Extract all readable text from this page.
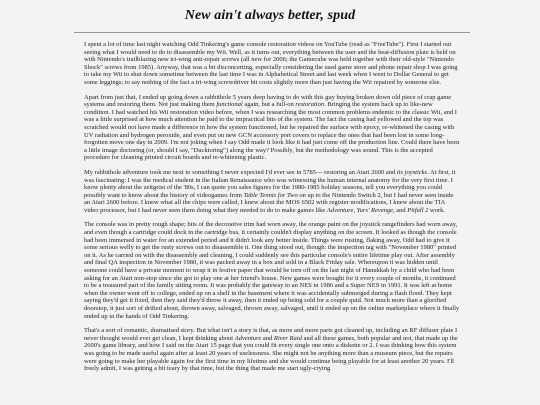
New ain't always better, spud

I spent a lot of time last night watching Odd Tinkering's game console restoration videos on YouTube (read as "FreeTube"). First I started out seeing what I would need to do to disassemble my Wii. Well, as it turns out, everything between the user and the heat-diffusion plate is held on with Nintendo's trailblazing new tri-wing anti-repair screws (all new for 2006; the Gamecube was held together with their old-style "Nintendo Shock" screws from 1985). Anyway, that was a bit disconcerting, especially considering the used game store and phone repair shop I was going to take my Wii to shut down sometime between the last time I was in Alphabetical Street and last week when I went to Dollar General to get some leggings; to say nothing of the fact a tri-wing screwdriver bit costs slightly more than just having the Wii repaired by someone else.

Apart from just that, I ended up going down a rabbithole 5 years deep having to do with this guy buying broken down old piece of crap game systems and restoring them. Not just making them functional again, but a full-on restoration. Bringing the system back up to like-new condition. I had watched his Wii restoration video before, when I was researching the most common problems endemic to the classic Wii, and I was a little surprised at how much attention he paid to the impractical bits of the system. The fact the casing had yellowed and the top was scratched would not have made a difference in how the system functioned, but he repaired the surface with epoxy, re-whitened the casing with UV radiation and hydrogen peroxide, and even put on new GCN accessory port covers to replace the ones that had been lost in some long-forgotten move one day in 2009. I'm not joking when I say Odd made it look like it had just come off the production line. Could there have been a little image doctoring (or, should I say, "Ducktoring") along the way? Possibly, but the methodology was sound. This is the accepted procedure for cleaning printed circuit boards and re-whitening plastic.

My rabbithole adventure took me next to something I never expected I'd ever see in 5785— restoring an Atari 2600 and its joysticks. At first, it was fascinating: I was the medical student in the Italian Renaissance who was witnessing the human internal anatomy for the very first time. I know plenty about the zeitgeist of the '80s, I can quote you sales figures for the 1980-1985 holiday seasons, tell you everything you could possibly want to know about the history of videogames from Table Tennis for Two on up to the Nintendo Switch 2, but I had never seen inside an Atari 2600 before. I knew what all the chips were called, I knew about the MOS 6502 with register modifications, I knew about the TIA video processor, but I had never seen them doing what they needed to do to make games like Adventure, Yars' Revenge, and Pitfall 2 work.

The console was in pretty rough shape; bits of the decorative trim had worn away, the orange paint on the joystick rangefinders had worn away, and even though a cartridge could dock in the cartridge bus, it certainly couldn't display anything on the screen. It looked as though the console had been immersed in water for an extended period and it didn't look any better inside. Things were rusting, flaking away, Odd had to give it some serious welly to get the rusty screws out to disassemble it. One thing stood out, though: the inspection tag with "November 1980" printed on it. As he carried on with the disassembly and cleaning, I could suddenly see this particular console's entire lifetime play out. After assembly and final QA inspection in November 1980, it was packed away in a box and sold in a Black Friday sale. Whereupon it was hidden until someone could have a private moment to wrap it in festive paper that would be torn off on the last night of Hanukkah by a child who had been asking for an Atari non-stop since she got to play one at her friend's house. New games were bought for it every couple of months, it continued to be a treasured part of the family sitting room. It was probably the gateway to an NES in 1986 and a Super NES in 1991. It was left at home when the owner went off to college, ended up on a shelf in the basement where it was accidentally submerged during a flash flood. They kept saying they'd get it fixed, then they said they'd throw it away, then it ended up being sold for a couple quid. Not much more than a glorified doorstop, it just sort of drifted about, thrown away, salvaged, thrown away, salvaged, until it ended up on the online marketplace where it finally ended up in the hands of Odd Tinkering.

That's a sort of romantic, dramatised story. But what isn't a story is that, as more and more parts got cleaned up, including an RF diffuser plate I never thought would ever get clean, I kept thinking about Adventure and River Raid and all these games, both popular and not, that made up the 2600's game library, and how I said on the Atari 15 page that you could fit every single one onto a diskette or 2. I was thinking how this system was going to be made useful again after at least 20 years of uselessness. She might not be anything more than a museum piece, but the repairs were going to make her playable again for the first time in my lifetime and she would continue being playable for at least another 20 years. I'll freely admit, I was getting a bit teary by that time, but the thing that made me start ugly-crying
